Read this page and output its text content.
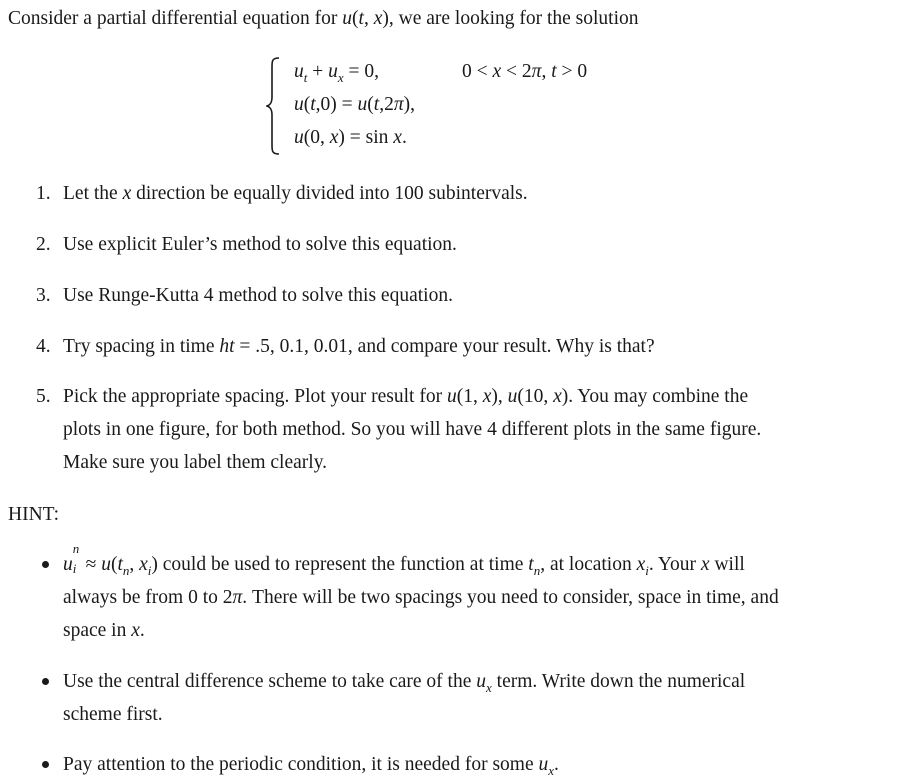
Consider a partial differential equation for u(t, x), we are looking for the solution
$u_t + u_x = 0$,	0 < x < 2π, t > 0
u(t,0) = u(t,2π),
u(0, x) = sin x.
1. Let the x direction be equally divided into 100 subintervals.
2. Use explicit Euler’s method to solve this equation.
3. Use Runge-Kutta 4 method to solve this equation.
4. Try spacing in time ht = .5, 0.1, 0.01, and compare your result. Why is that?
5. Pick the appropriate spacing. Plot your result for u(1, x), u(10, x). You may combine the
plots in one figure, for both method. So you will have 4 different plots in the same figure.
Make sure you label them clearly.
HINT:
u
n
$i \approx u(t_n$, $x_i$) could be used to represent the function at time $t_n$, at location $x_i$. Your x will
always be from 0 to 2π. There will be two spacings you need to consider, space in time, and
space in x.
Use the central difference scheme to take care of the $u_x$ term. Write down the numerical
scheme first.
Pay attention to the periodic condition, it is needed for some $u_x$.
